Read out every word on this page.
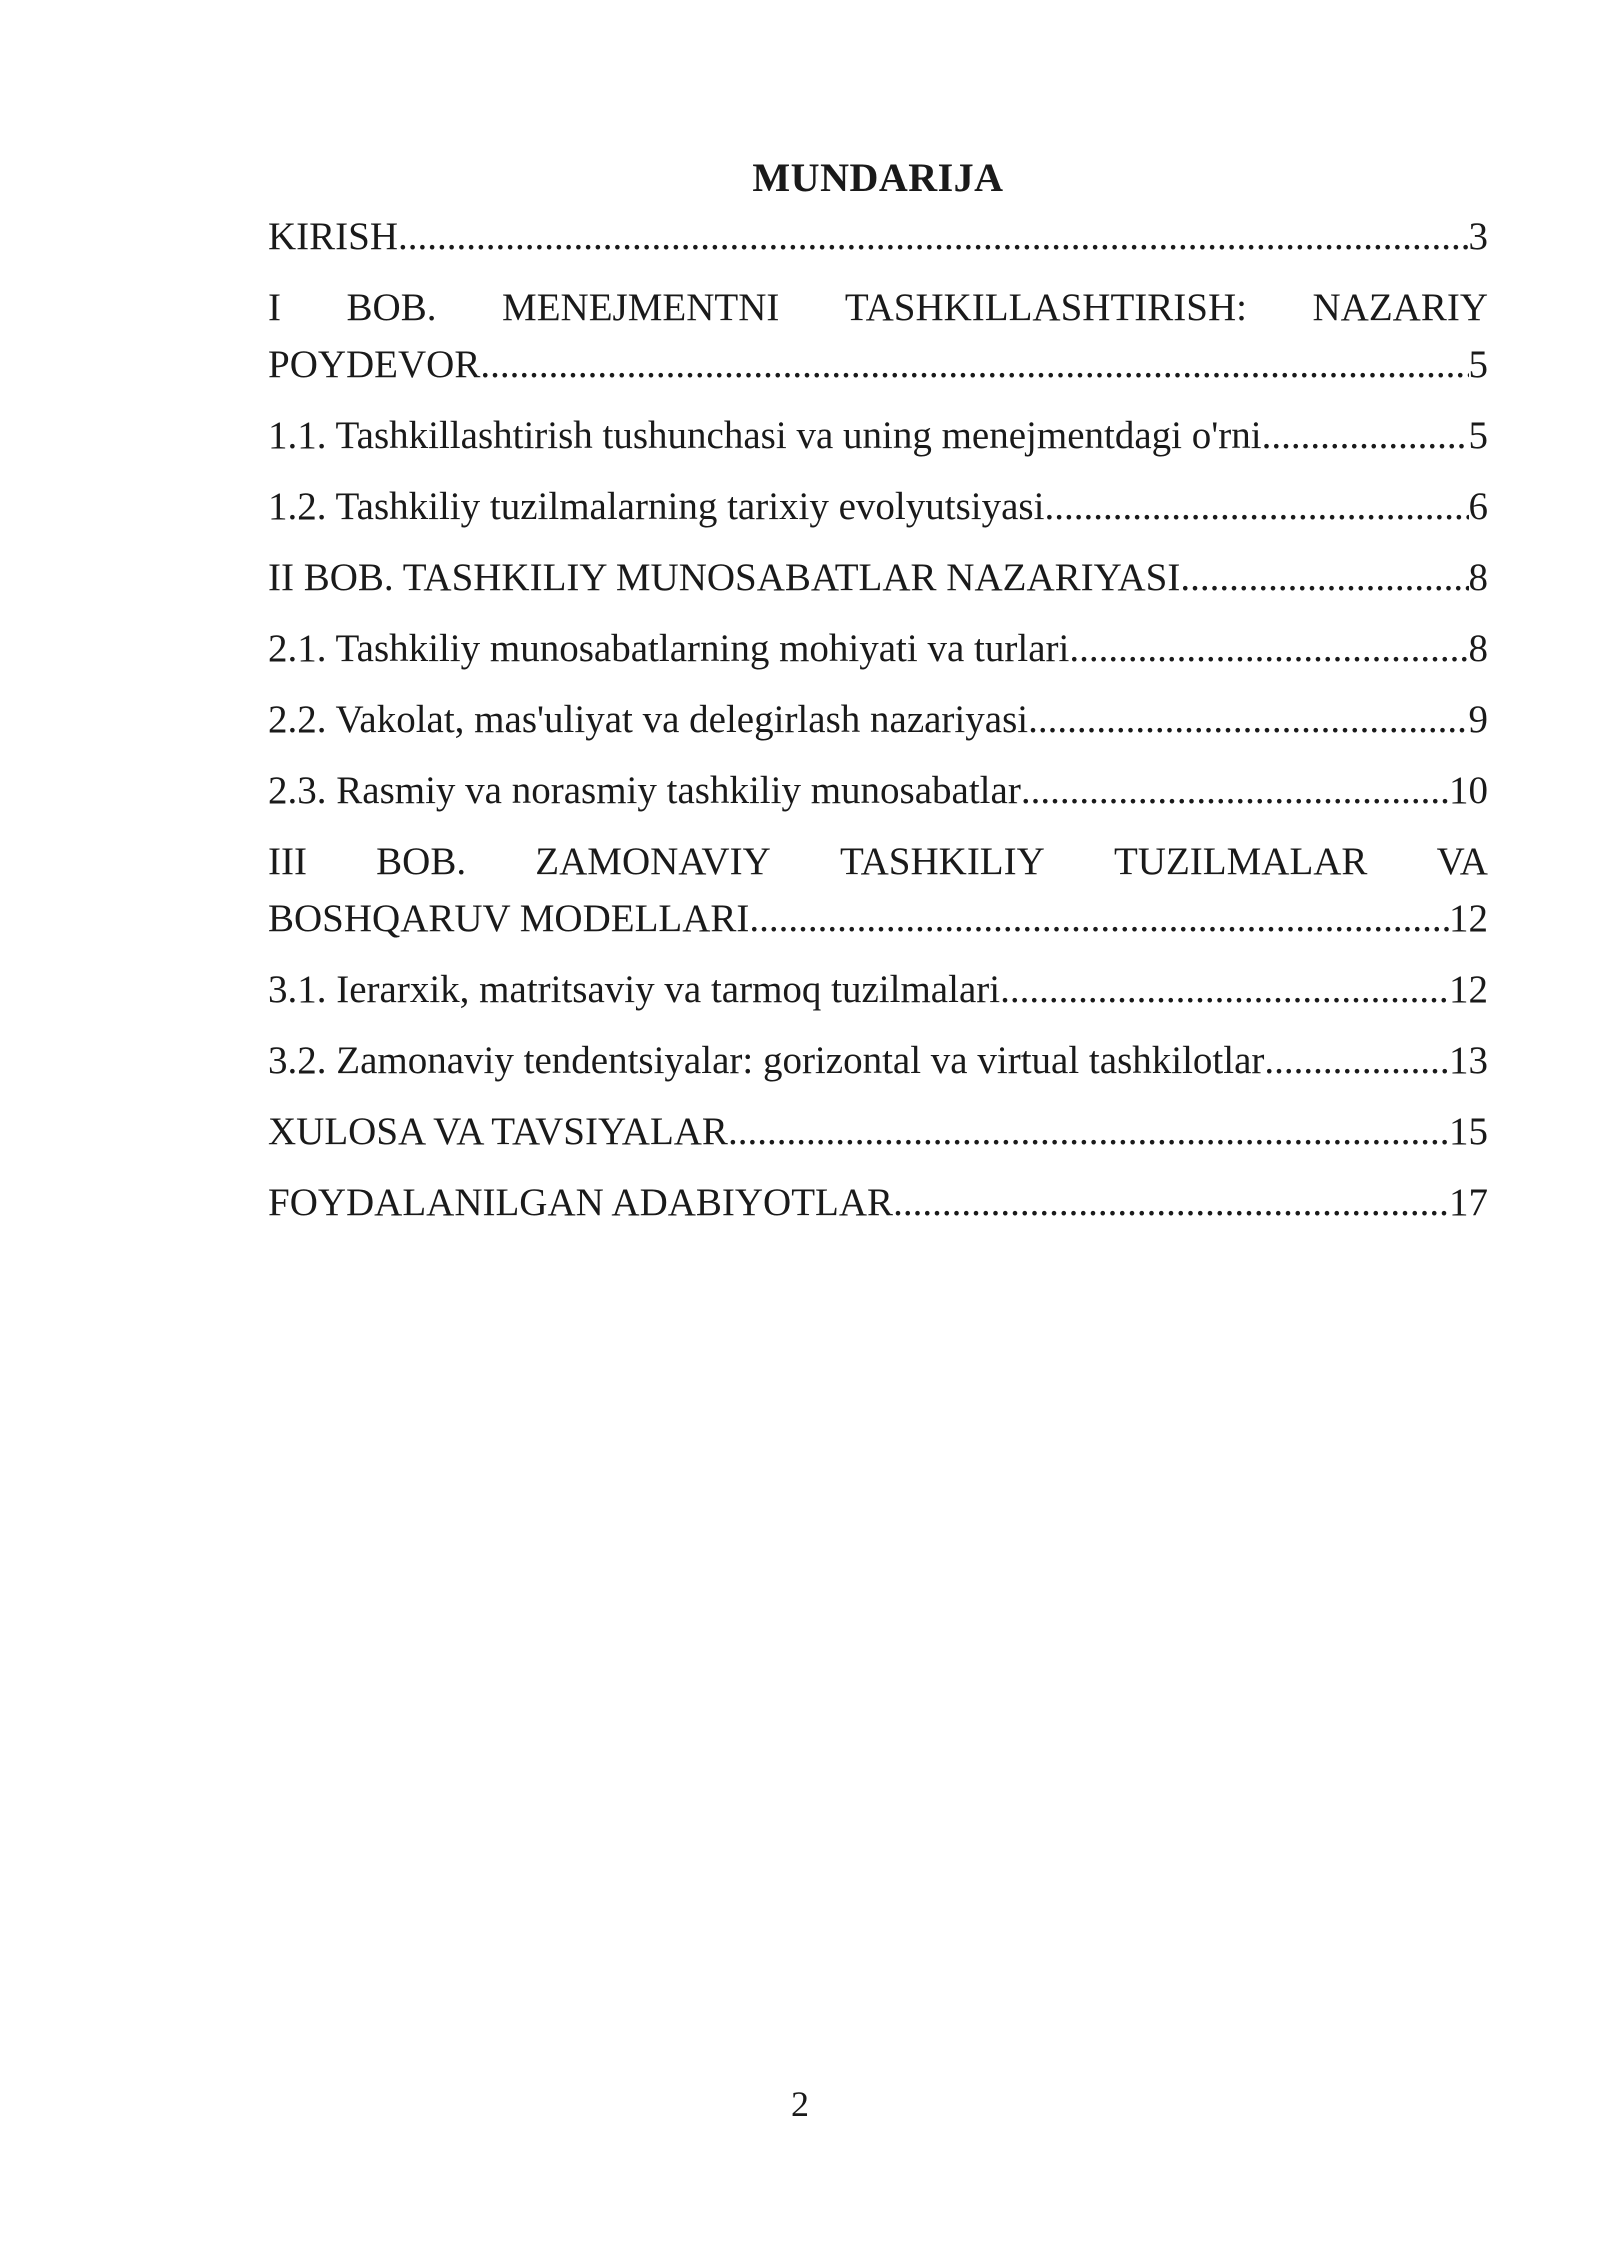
MUNDARIJA
KIRISH .....	3
I BOB. MENEJMENTNI TASHKILLASHTIRISH: NAZARIY
POYDEVOR .....	5
1.1. Tashkillashtirish tushunchasi va uning menejmentdagi o'rni .....	5
1.2. Tashkiliy tuzilmalarning tarixiy evolyutsiyasi .....	6
II BOB. TASHKILIY MUNOSABATLAR NAZARIYASI .....	8
2.1. Tashkiliy munosabatlarning mohiyati va turlari .....	8
2.2. Vakolat, mas'uliyat va delegirlash nazariyasi .....	9
2.3. Rasmiy va norasmiy tashkiliy munosabatlar .....	10
III BOB. ZAMONAVIY TASHKILIY TUZILMALAR VA
BOSHQARUV MODELLARI .....	12
3.1. Ierarxik, matritsaviy va tarmoq tuzilmalari .....	12
3.2. Zamonaviy tendentsiyalar: gorizontal va virtual tashkilotlar .....	13
XULOSA VA TAVSIYALAR .....	15
FOYDALANILGAN ADABIYOTLAR .....	17
2
